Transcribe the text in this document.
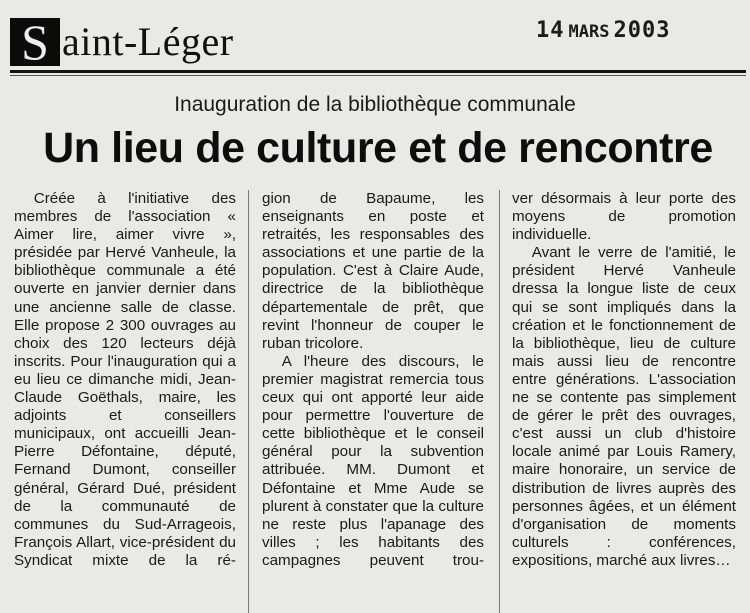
S aint-Léger	14 MARS 2003
Inauguration de la bibliothèque communale
Un lieu de culture et de rencontre

Créée à l'initiative des membres de l'association « Aimer lire, aimer vivre », présidée par Hervé Vanheule, la bibliothèque communale a été ouverte en janvier dernier dans une ancienne salle de classe. Elle propose 2 300 ouvrages au choix des 120 lecteurs déjà inscrits. Pour l'inauguration qui a eu lieu ce dimanche midi, Jean-Claude Goëthals, maire, les adjoints et conseillers municipaux, ont accueilli Jean-Pierre Défontaine, député, Fernand Dumont, conseiller général, Gérard Dué, président de la communauté de communes du Sud-Arrageois, François Allart, vice-président du Syndicat mixte de la ré-

gion de Bapaume, les enseignants en poste et retraités, les responsables des associations et une partie de la population. C'est à Claire Aude, directrice de la bibliothèque départementale de prêt, que revint l'honneur de couper le ruban tricolore.

A l'heure des discours, le premier magistrat remercia tous ceux qui ont apporté leur aide pour permettre l'ouverture de cette bibliothèque et le conseil général pour la subvention attribuée. MM. Dumont et Défontaine et Mme Aude se plurent à constater que la culture ne reste plus l'apanage des villes ; les habitants des campagnes peuvent trou-

ver désormais à leur porte des moyens de promotion individuelle.

Avant le verre de l'amitié, le président Hervé Vanheule dressa la longue liste de ceux qui se sont impliqués dans la création et le fonctionnement de la bibliothèque, lieu de culture mais aussi lieu de rencontre entre générations. L'association ne se contente pas simplement de gérer le prêt des ouvrages, c'est aussi un club d'histoire locale animé par Louis Ramery, maire honoraire, un service de distribution de livres auprès des personnes âgées, et un élément d'organisation de moments culturels : conférences, expositions, marché aux livres…
